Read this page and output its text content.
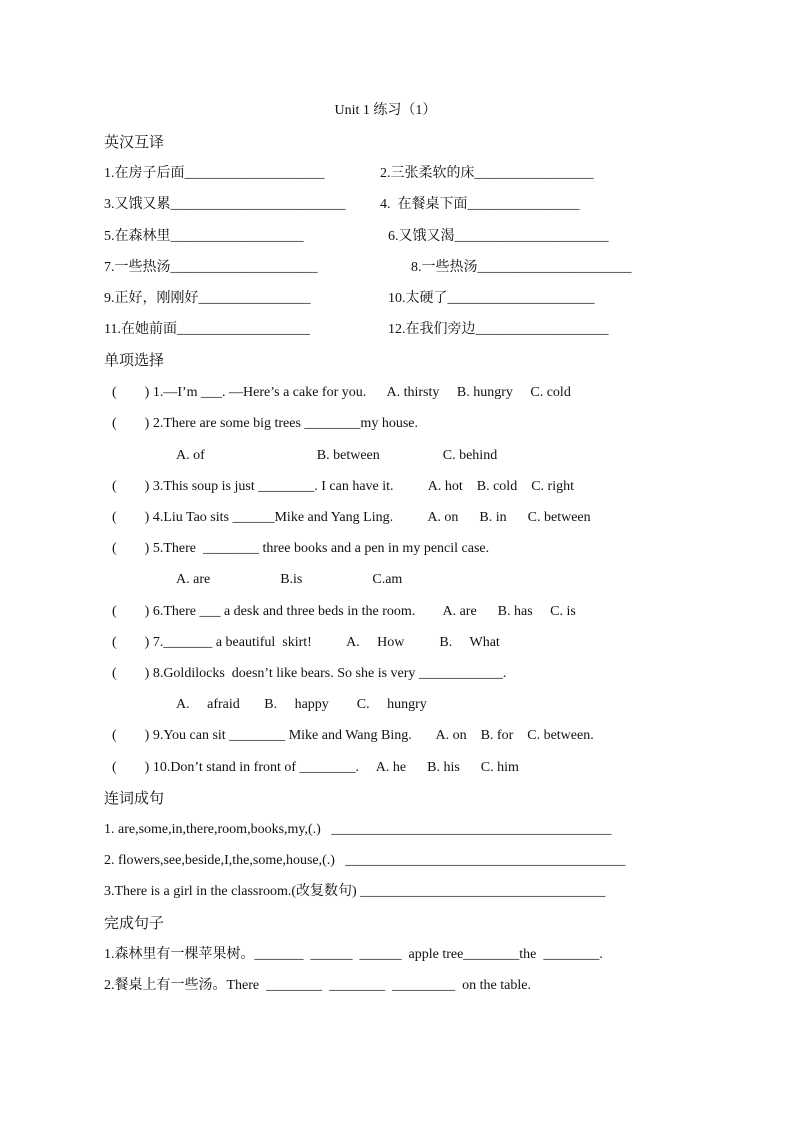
Unit 1 练习（1）
英汉互译
1.在房子后面____________________	2.三张柔软的床_________________
3.又饿又累_________________________ 4.  在餐桌下面________________
5.在森林里___________________	6.又饿又渴______________________
7.一些热汤_____________________	8.一些热汤______________________
9.正好，刚刚好________________	10.太硬了_____________________
11.在她前面___________________	12.在我们旁边___________________
单项选择
(        ) 1.—I’m ___. —Here’s a cake for you.      A. thirsty     B. hungry     C. cold
(        ) 2.There are some big trees ________my house.
A. of                                B. between                  C. behind
(        ) 3.This soup is just ________. I can have it.          A. hot    B. cold    C. right
(        ) 4.Liu Tao sits ______Mike and Yang Ling.          A. on      B. in      C. between
(        ) 5.There  ________ three books and a pen in my pencil case.
A. are                    B.is                    C.am
(        ) 6.There ___ a desk and three beds in the room.        A. are      B. has     C. is
(        ) 7._______ a beautiful  skirt!          A.     How          B.     What
(        ) 8.Goldilocks  doesn’t like bears. So she is very ____________.
A.     afraid       B.     happy        C.     hungry
(        ) 9.You can sit ________ Mike and Wang Bing.       A. on    B. for    C. between.
(        ) 10.Don’t stand in front of ________.     A. he      B. his      C. him
连词成句
1. are,some,in,there,room,books,my,(.)   ________________________________________
2. flowers,see,beside,I,the,some,house,(.)   ________________________________________
3.There is a girl in the classroom.(改复数句) ___________________________________
完成句子
1.森林里有一棵苹果树。_______  ______  ______  apple tree________the  ________.
2.餐桌上有一些汤。There  ________  ________  _________  on the table.
